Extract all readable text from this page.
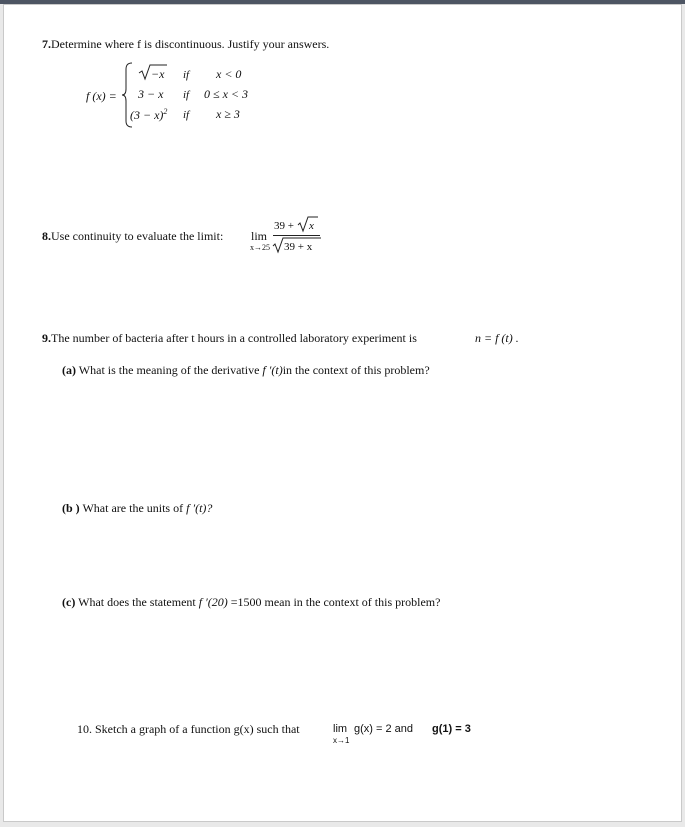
7.Determine where f is discontinuous. Justify your answers.
f (x) =
−x if x < 0
3 − x if 0 ≤ x < 3
$(3 - x)^2$ if x ≥ 3
8.Use continuity to evaluate the limit: lim
x→25
39 + x
39 + x
9.The number of bacteria after t hours in a controlled laboratory experiment is	n = f (t) .
(a) What is the meaning of the derivative f ′(t)in the context of this problem?
(b ) What are the units of f ′(t)?
(c) What does the statement f ′(20) =1500 mean in the context of this problem?
10. Sketch a graph of a function g(x) such that	lim
x→1
g(x) = 2 and g(1) = 3
